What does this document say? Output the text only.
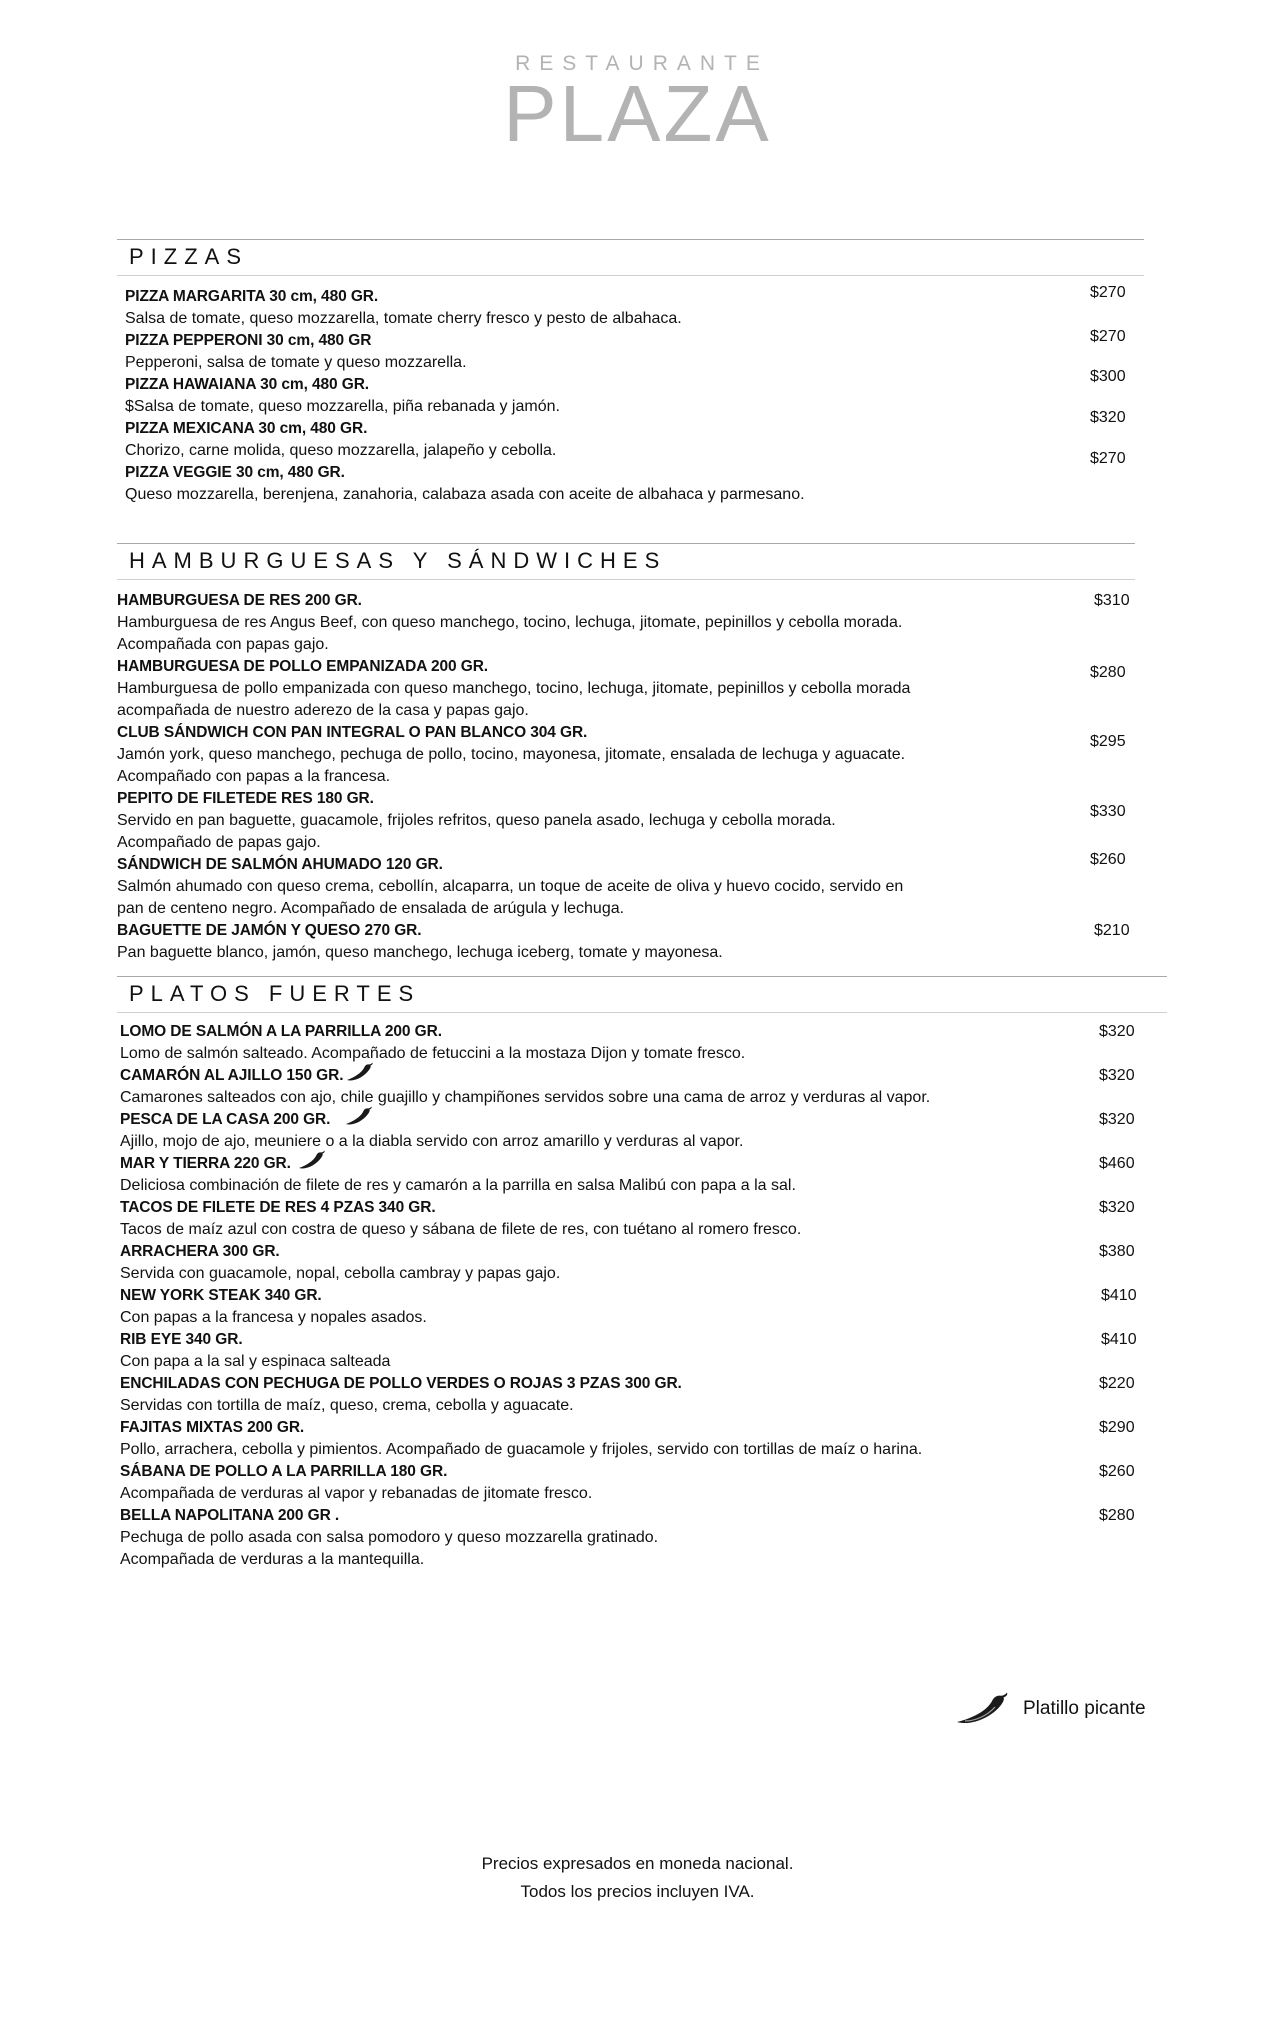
RESTAURANTE
PLAZA
PIZZAS
PIZZA MARGARITA 30 cm, 480 GR.
Salsa de tomate, queso mozzarella, tomate cherry fresco y pesto de albahaca.
$270
PIZZA PEPPERONI 30 cm, 480 GR
Pepperoni, salsa de tomate y queso mozzarella.
$270
PIZZA HAWAIANA 30 cm, 480 GR.
$Salsa de tomate, queso mozzarella, piña rebanada y jamón.
$300
PIZZA MEXICANA 30 cm, 480 GR.
Chorizo, carne molida, queso mozzarella, jalapeño y cebolla.
$320
PIZZA VEGGIE 30 cm, 480 GR.
Queso mozzarella, berenjena, zanahoria, calabaza asada con aceite de albahaca y parmesano.
$270
HAMBURGUESAS Y SÁNDWICHES
HAMBURGUESA DE RES 200 GR.
Hamburguesa de res Angus Beef, con queso manchego, tocino, lechuga, jitomate, pepinillos y cebolla morada.
Acompañada con papas gajo.
$310
HAMBURGUESA DE POLLO EMPANIZADA 200 GR.
Hamburguesa de pollo empanizada con queso manchego, tocino, lechuga, jitomate, pepinillos y cebolla morada
acompañada de nuestro aderezo de la casa y papas gajo.
$280
CLUB SÁNDWICH CON PAN INTEGRAL O PAN BLANCO 304 GR.
Jamón york, queso manchego, pechuga de pollo, tocino, mayonesa, jitomate, ensalada de lechuga y aguacate.
Acompañado con papas a la francesa.
$295
PEPITO DE FILETEDE RES 180 GR.
Servido en pan baguette, guacamole, frijoles refritos, queso panela asado, lechuga y cebolla morada.
Acompañado de papas gajo.
$330
SÁNDWICH DE SALMÓN AHUMADO 120 GR.
Salmón ahumado con queso crema, cebollín, alcaparra, un toque de aceite de oliva y huevo cocido, servido en
pan de centeno negro. Acompañado de ensalada de arúgula y lechuga.
$260
BAGUETTE DE JAMÓN Y QUESO 270 GR.
Pan baguette blanco, jamón, queso manchego, lechuga iceberg, tomate y mayonesa.
$210
PLATOS FUERTES
LOMO DE SALMÓN A LA PARRILLA 200 GR.
Lomo de salmón salteado. Acompañado de fetuccini a la mostaza Dijon y tomate fresco.
$320
CAMARÓN AL AJILLO 150 GR.
Camarones salteados con ajo, chile guajillo y champiñones servidos sobre una cama de arroz y verduras al vapor.
$320
PESCA DE LA CASA 200 GR.
Ajillo, mojo de ajo, meuniere o a la diabla servido con arroz amarillo y verduras al vapor.
$320
MAR Y TIERRA 220 GR.
Deliciosa combinación de filete de res y camarón a la parrilla en salsa Malibú con papa a la sal.
$460
TACOS DE FILETE DE RES 4 PZAS 340 GR.
Tacos de maíz azul con costra de queso y sábana de filete de res, con tuétano al romero fresco.
$320
ARRACHERA 300 GR.
Servida con guacamole, nopal, cebolla cambray y papas gajo.
$380
NEW YORK STEAK 340 GR.
Con papas a la francesa y nopales asados.
$410
RIB EYE 340 GR.
Con papa a la sal y espinaca salteada
$410
ENCHILADAS CON PECHUGA DE POLLO VERDES O ROJAS 3 PZAS 300 GR.
Servidas con tortilla de maíz, queso, crema, cebolla y aguacate.
$220
FAJITAS MIXTAS 200 GR.
Pollo, arrachera, cebolla y pimientos. Acompañado de guacamole y frijoles, servido con tortillas de maíz o harina.
$290
SÁBANA DE POLLO A LA PARRILLA 180 GR.
Acompañada de verduras al vapor y rebanadas de jitomate fresco.
$260
BELLA NAPOLITANA 200 GR .
Pechuga de pollo asada con salsa pomodoro y queso mozzarella gratinado.
Acompañada de verduras a la mantequilla.
$280
Platillo picante
Precios expresados en moneda nacional.
Todos los precios incluyen IVA.
